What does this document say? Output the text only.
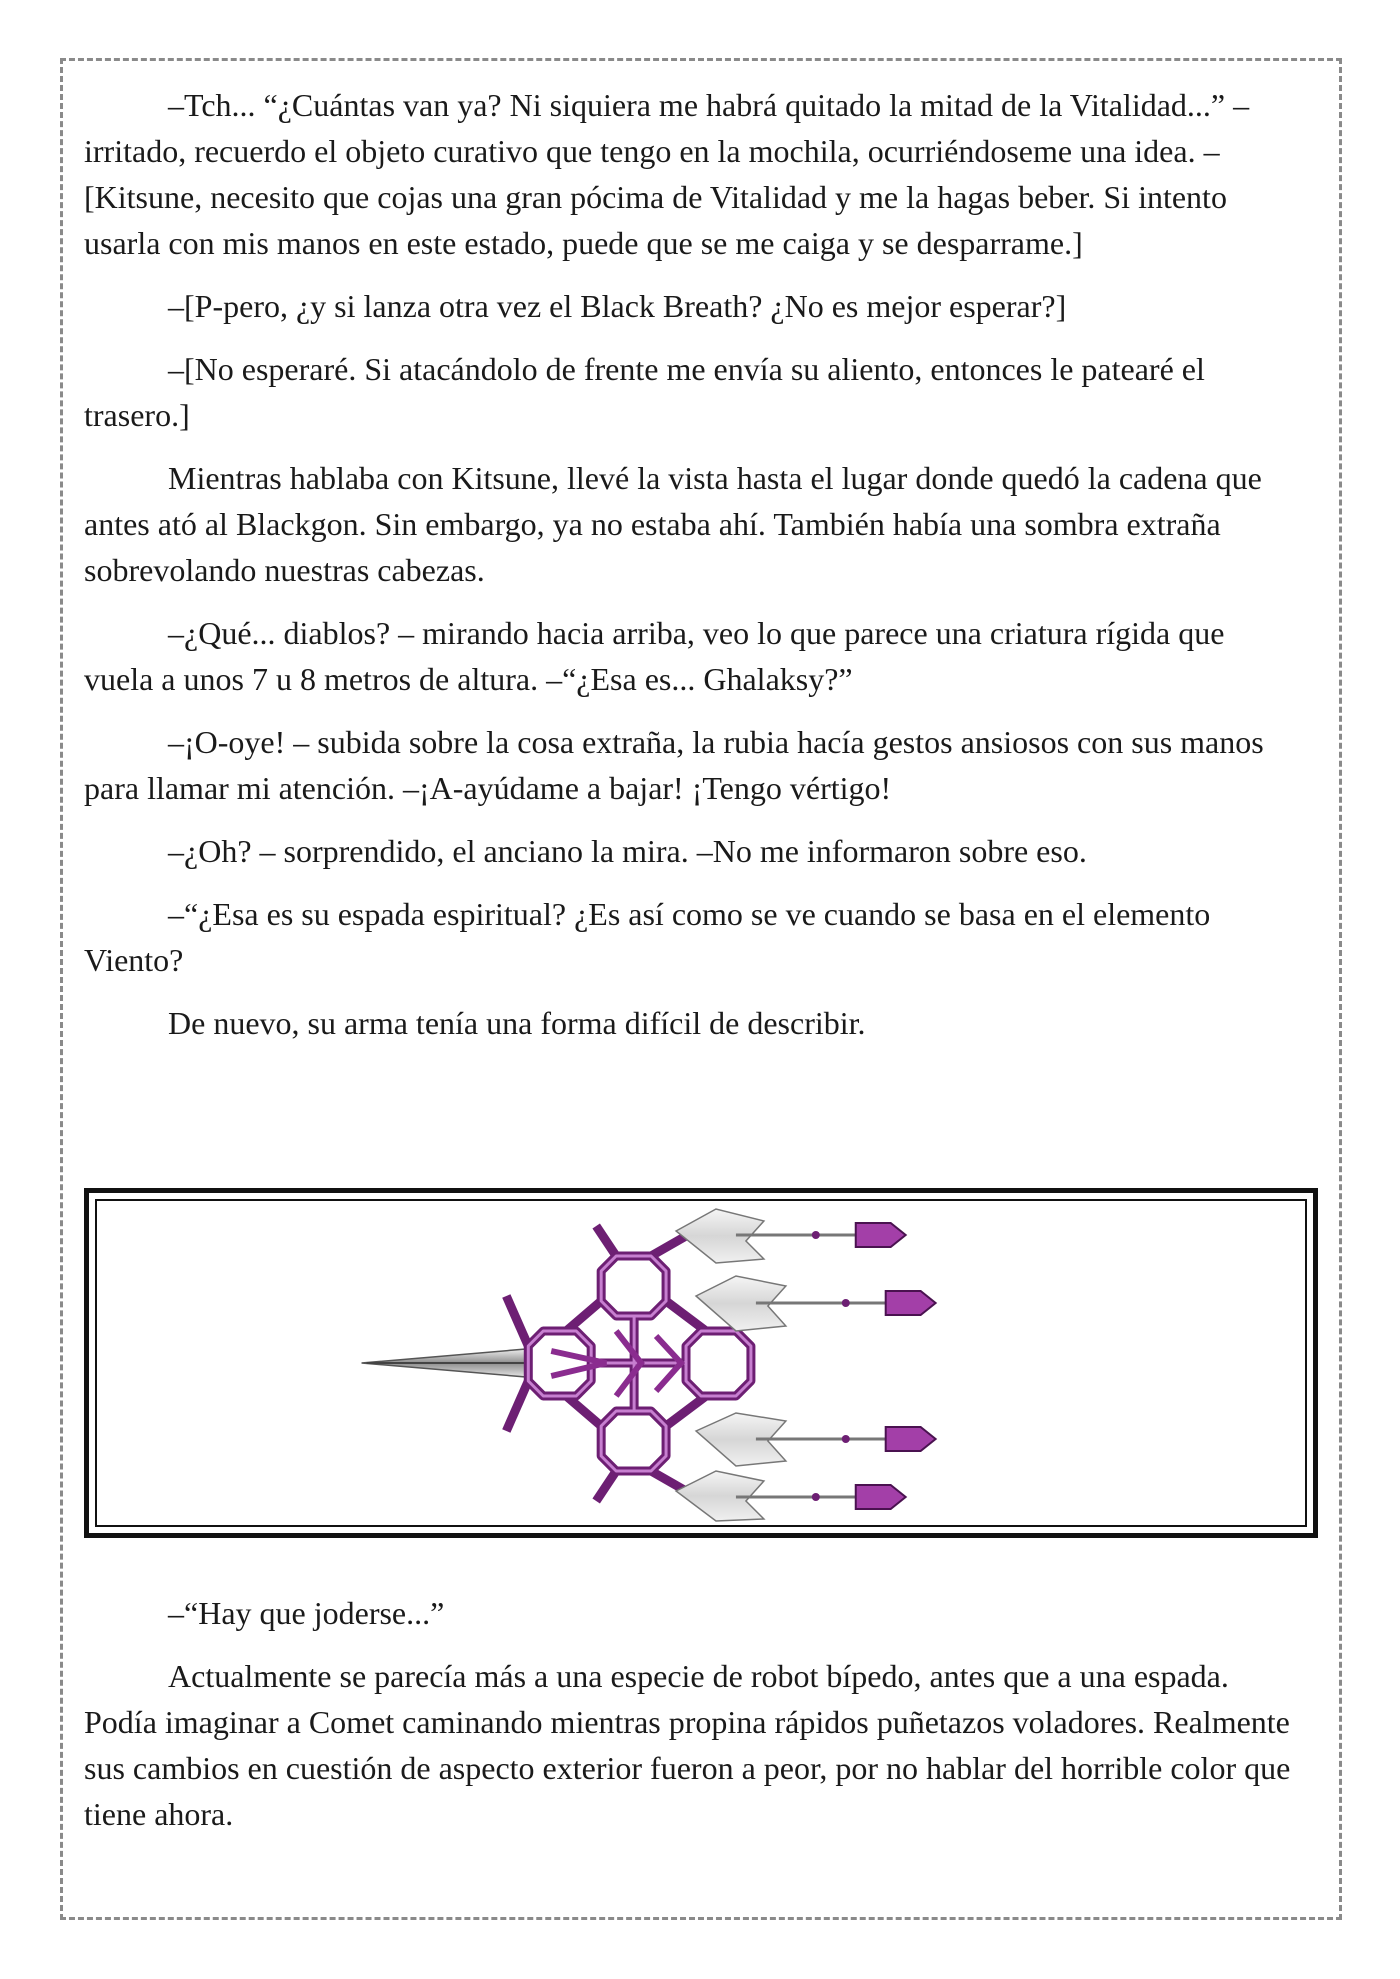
–Tch... “¿Cuántas van ya? Ni siquiera me habrá quitado la mitad de la Vitalidad...” – irritado, recuerdo el objeto curativo que tengo en la mochila, ocurriéndoseme una idea. –[Kitsune, necesito que cojas una gran pócima de Vitalidad y me la hagas beber. Si intento usarla con mis manos en este estado, puede que se me caiga y se desparrame.]

–[P-pero, ¿y si lanza otra vez el Black Breath? ¿No es mejor esperar?]

–[No esperaré. Si atacándolo de frente me envía su aliento, entonces le patearé el trasero.]

Mientras hablaba con Kitsune, llevé la vista hasta el lugar donde quedó la cadena que antes ató al Blackgon. Sin embargo, ya no estaba ahí. También había una sombra extraña sobrevolando nuestras cabezas.

–¿Qué... diablos? – mirando hacia arriba, veo lo que parece una criatura rígida que vuela a unos 7 u 8 metros de altura. –“¿Esa es... Ghalaksy?”

–¡O-oye! – subida sobre la cosa extraña, la rubia hacía gestos ansiosos con sus manos para llamar mi atención. –¡A-ayúdame a bajar! ¡Tengo vértigo!

–¿Oh? – sorprendido, el anciano la mira. –No me informaron sobre eso.

–“¿Esa es su espada espiritual? ¿Es así como se ve cuando se basa en el elemento Viento?

De nuevo, su arma tenía una forma difícil de describir.

–“Hay que joderse...”

Actualmente se parecía más a una especie de robot bípedo, antes que a una espada. Podía imaginar a Comet caminando mientras propina rápidos puñetazos voladores. Realmente sus cambios en cuestión de aspecto exterior fueron a peor, por no hablar del horrible color que tiene ahora.
